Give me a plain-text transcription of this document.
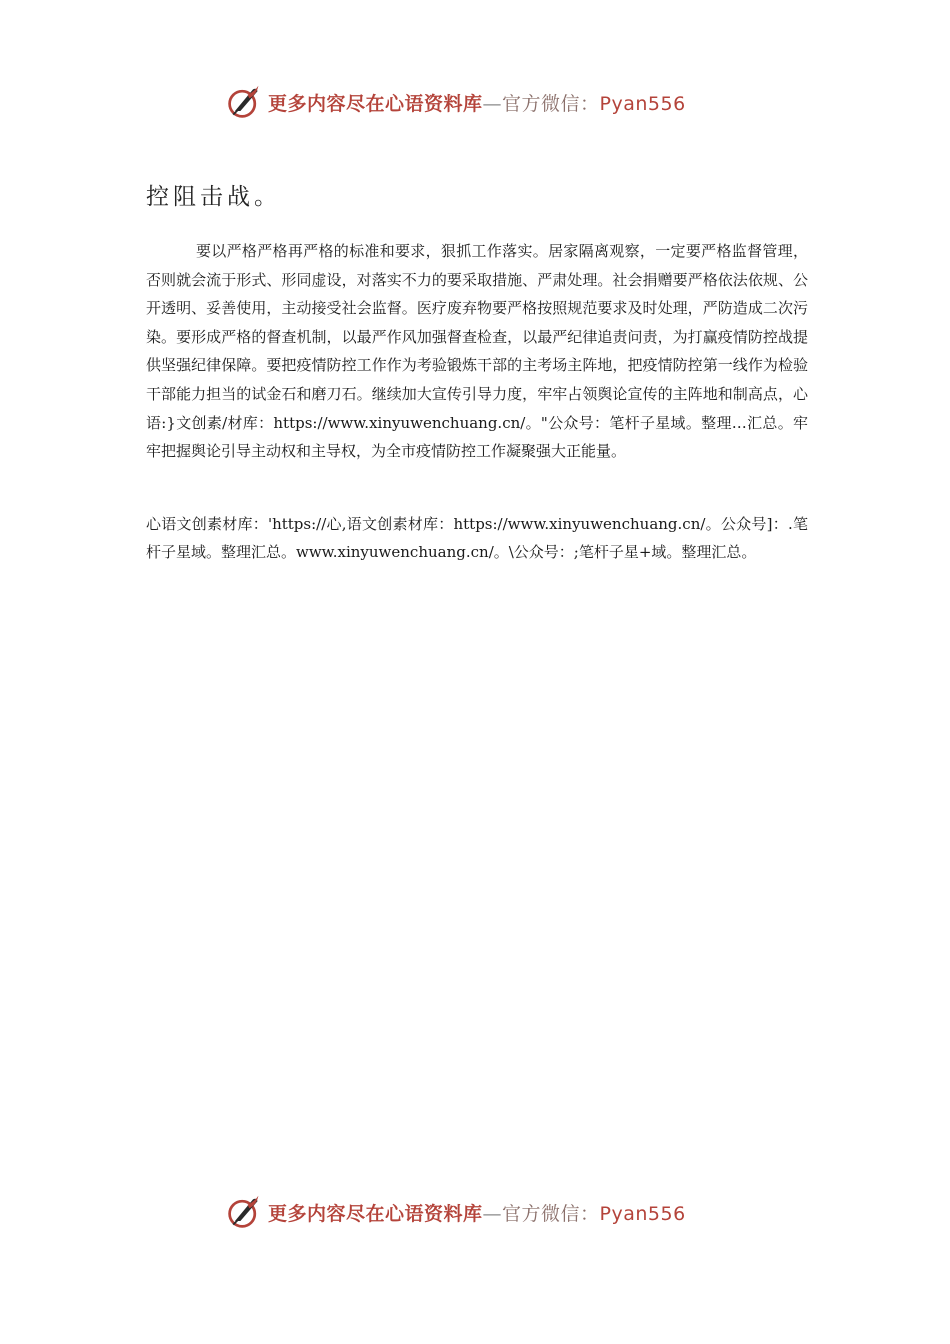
更多内容尽在心语资料库—官方微信：Pyan556
控阻击战。
要以严格严格再严格的标准和要求，狠抓工作落实。居家隔离观察，一定要严格监督管理，否则就会流于形式、形同虚设，对落实不力的要采取措施、严肃处理。社会捐赠要严格依法依规、公开透明、妥善使用，主动接受社会监督。医疗废弃物要严格按照规范要求及时处理，严防造成二次污染。要形成严格的督查机制，以最严作风加强督查检查，以最严纪律追责问责，为打赢疫情防控战提供坚强纪律保障。要把疫情防控工作作为考验锻炼干部的主考场主阵地，把疫情防控第一线作为检验干部能力担当的试金石和磨刀石。继续加大宣传引导力度，牢牢占领舆论宣传的主阵地和制高点，心语:}文创素/材库：https://www.xinyuwenchuang.cn/。"公众号：笔杆子星域。整理…汇总。牢牢把握舆论引导主动权和主导权，为全市疫情防控工作凝聚强大正能量。
心语文创素材库：'https://心,语文创素材库：https://www.xinyuwenchuang.cn/。公众号]：.笔杆子星域。整理汇总。www.xinyuwenchuang.cn/。\公众号：;笔杆子星+域。整理汇总。
更多内容尽在心语资料库—官方微信：Pyan556
